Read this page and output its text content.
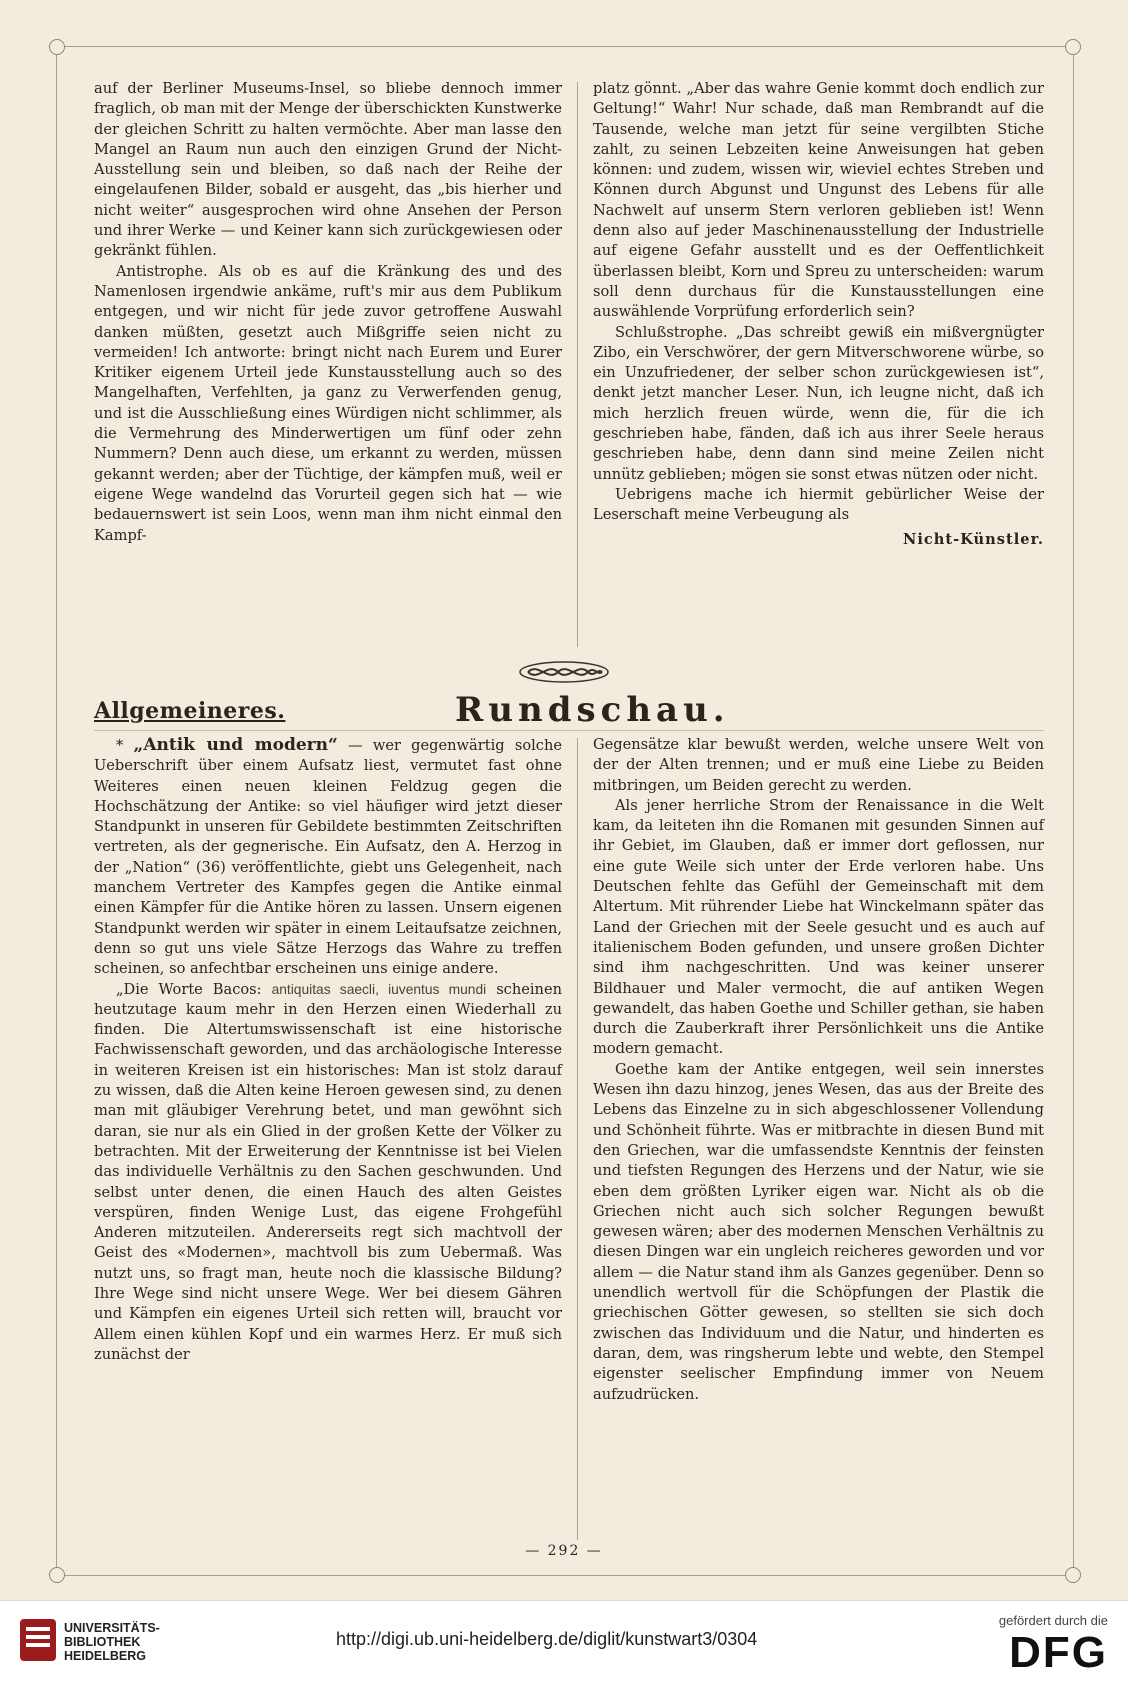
auf der Berliner Museums-Insel, so bliebe dennoch immer fraglich, ob man mit der Menge der überschickten Kunstwerke der gleichen Schritt zu halten vermöchte. Aber man lasse den Mangel an Raum nun auch den einzigen Grund der Nicht-Ausstellung sein und bleiben, so daß nach der Reihe der eingelaufenen Bilder, sobald er ausgeht, das „bis hierher und nicht weiter“ ausgesprochen wird ohne Ansehen der Person und ihrer Werke — und Keiner kann sich zurückgewiesen oder gekränkt fühlen.

Antistrophe. Als ob es auf die Kränkung des und des Namenlosen irgendwie ankäme, ruft's mir aus dem Publikum entgegen, und wir nicht für jede zuvor getroffene Auswahl danken müßten, gesetzt auch Mißgriffe seien nicht zu vermeiden! Ich antworte: bringt nicht nach Eurem und Eurer Kritiker eigenem Urteil jede Kunstausstellung auch so des Mangelhaften, Verfehlten, ja ganz zu Verwerfenden genug, und ist die Ausschließung eines Würdigen nicht schlimmer, als die Vermehrung des Minderwertigen um fünf oder zehn Nummern? Denn auch diese, um erkannt zu werden, müssen gekannt werden; aber der Tüchtige, der kämpfen muß, weil er eigene Wege wandelnd das Vorurteil gegen sich hat — wie bedauernswert ist sein Loos, wenn man ihm nicht einmal den Kampf-

platz gönnt. „Aber das wahre Genie kommt doch endlich zur Geltung!“ Wahr! Nur schade, daß man Rembrandt auf die Tausende, welche man jetzt für seine vergilbten Stiche zahlt, zu seinen Lebzeiten keine Anweisungen hat geben können: und zudem, wissen wir, wieviel echtes Streben und Können durch Abgunst und Ungunst des Lebens für alle Nachwelt auf unserm Stern verloren geblieben ist! Wenn denn also auf jeder Maschinenausstellung der Industrielle auf eigene Gefahr ausstellt und es der Oeffentlichkeit überlassen bleibt, Korn und Spreu zu unterscheiden: warum soll denn durchaus für die Kunstausstellungen eine auswählende Vorprüfung erforderlich sein?

Schlußstrophe. „Das schreibt gewiß ein mißvergnügter Zibo, ein Verschwörer, der gern Mitverschworene würbe, so ein Unzufriedener, der selber schon zurückgewiesen ist“, denkt jetzt mancher Leser. Nun, ich leugne nicht, daß ich mich herzlich freuen würde, wenn die, für die ich geschrieben habe, fänden, daß ich aus ihrer Seele heraus geschrieben habe, denn dann sind meine Zeilen nicht unnütz geblieben; mögen sie sonst etwas nützen oder nicht.

Uebrigens mache ich hiermit gebürlicher Weise der Leserschaft meine Verbeugung als

Nicht-Künstler.
Allgemeineres.	Rundschau.

* „Antik und modern“ — wer gegenwärtig solche Ueberschrift über einem Aufsatz liest, vermutet fast ohne Weiteres einen neuen kleinen Feldzug gegen die Hochschätzung der Antike: so viel häufiger wird jetzt dieser Standpunkt in unseren für Gebildete bestimmten Zeitschriften vertreten, als der gegnerische. Ein Aufsatz, den A. Herzog in der „Nation“ (36) veröffentlichte, giebt uns Gelegenheit, nach manchem Vertreter des Kampfes gegen die Antike einmal einen Kämpfer für die Antike hören zu lassen. Unsern eigenen Standpunkt werden wir später in einem Leitaufsatze zeichnen, denn so gut uns viele Sätze Herzogs das Wahre zu treffen scheinen, so anfechtbar erscheinen uns einige andere.

„Die Worte Bacos: antiquitas saecli, iuventus mundi scheinen heutzutage kaum mehr in den Herzen einen Wiederhall zu finden. Die Altertumswissenschaft ist eine historische Fachwissenschaft geworden, und das archäologische Interesse in weiteren Kreisen ist ein historisches: Man ist stolz darauf zu wissen, daß die Alten keine Heroen gewesen sind, zu denen man mit gläubiger Verehrung betet, und man gewöhnt sich daran, sie nur als ein Glied in der großen Kette der Völker zu betrachten. Mit der Erweiterung der Kenntnisse ist bei Vielen das individuelle Verhältnis zu den Sachen geschwunden. Und selbst unter denen, die einen Hauch des alten Geistes verspüren, finden Wenige Lust, das eigene Frohgefühl Anderen mitzuteilen. Andererseits regt sich machtvoll der Geist des «Modernen», machtvoll bis zum Uebermaß. Was nutzt uns, so fragt man, heute noch die klassische Bildung? Ihre Wege sind nicht unsere Wege. Wer bei diesem Gähren und Kämpfen ein eigenes Urteil sich retten will, braucht vor Allem einen kühlen Kopf und ein warmes Herz. Er muß sich zunächst der

Gegensätze klar bewußt werden, welche unsere Welt von der der Alten trennen; und er muß eine Liebe zu Beiden mitbringen, um Beiden gerecht zu werden.

Als jener herrliche Strom der Renaissance in die Welt kam, da leiteten ihn die Romanen mit gesunden Sinnen auf ihr Gebiet, im Glauben, daß er immer dort geflossen, nur eine gute Weile sich unter der Erde verloren habe. Uns Deutschen fehlte das Gefühl der Gemeinschaft mit dem Altertum. Mit rührender Liebe hat Winckelmann später das Land der Griechen mit der Seele gesucht und es auch auf italienischem Boden gefunden, und unsere großen Dichter sind ihm nachgeschritten. Und was keiner unserer Bildhauer und Maler vermocht, die auf antiken Wegen gewandelt, das haben Goethe und Schiller gethan, sie haben durch die Zauberkraft ihrer Persönlichkeit uns die Antike modern gemacht.

Goethe kam der Antike entgegen, weil sein innerstes Wesen ihn dazu hinzog, jenes Wesen, das aus der Breite des Lebens das Einzelne zu in sich abgeschlossener Vollendung und Schönheit führte. Was er mitbrachte in diesen Bund mit den Griechen, war die umfassendste Kenntnis der feinsten und tiefsten Regungen des Herzens und der Natur, wie sie eben dem größten Lyriker eigen war. Nicht als ob die Griechen nicht auch sich solcher Regungen bewußt gewesen wären; aber des modernen Menschen Verhältnis zu diesen Dingen war ein ungleich reicheres geworden und vor allem — die Natur stand ihm als Ganzes gegenüber. Denn so unendlich wertvoll für die Schöpfungen der Plastik die griechischen Götter gewesen, so stellten sie sich doch zwischen das Individuum und die Natur, und hinderten es daran, dem, was ringsherum lebte und webte, den Stempel eigenster seelischer Empfindung immer von Neuem aufzudrücken.

— 292 —
UNIVERSITÄTS-
BIBLIOTHEK
HEIDELBERG
http://digi.ub.uni-heidelberg.de/diglit/kunstwart3/0304
gefördert durch die
DFG
